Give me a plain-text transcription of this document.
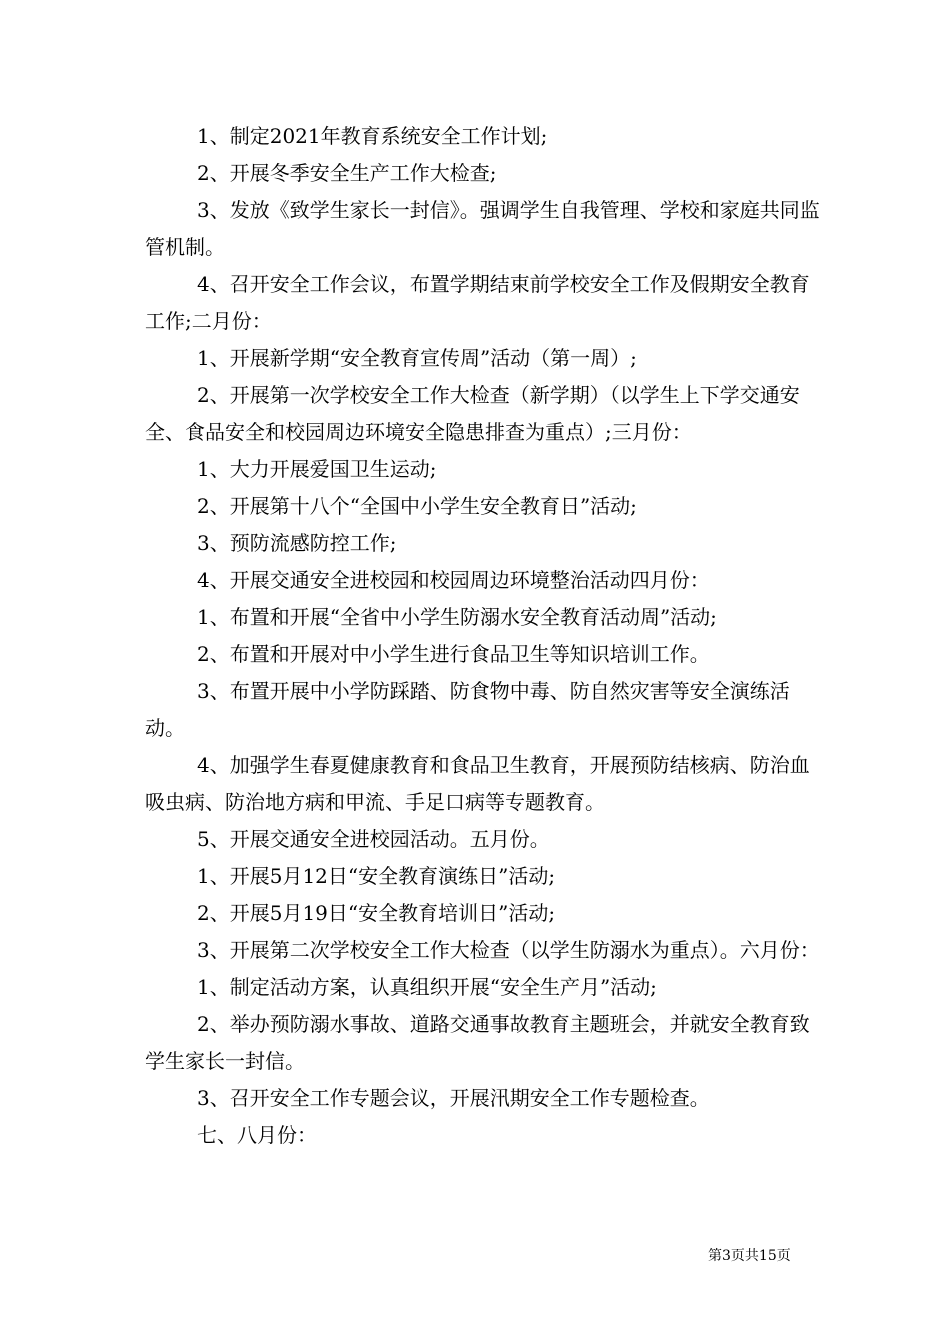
1、制定2021年教育系统安全工作计划;

2、开展冬季安全生产工作大检查;

3、发放《致学生家长一封信》。强调学生自我管理、学校和家庭共同监管机制。

4、召开安全工作会议，布置学期结束前学校安全工作及假期安全教育工作;二月份：

1、开展新学期“安全教育宣传周”活动（第一周）;

2、开展第一次学校安全工作大检查（新学期）（以学生上下学交通安全、食品安全和校园周边环境安全隐患排查为重点）;三月份：

1、大力开展爱国卫生运动;

2、开展第十八个“全国中小学生安全教育日”活动;

3、预防流感防控工作;

4、开展交通安全进校园和校园周边环境整治活动四月份：

1、布置和开展“全省中小学生防溺水安全教育活动周”活动;

2、布置和开展对中小学生进行食品卫生等知识培训工作。

3、布置开展中小学防踩踏、防食物中毒、防自然灾害等安全演练活动。

4、加强学生春夏健康教育和食品卫生教育，开展预防结核病、防治血吸虫病、防治地方病和甲流、手足口病等专题教育。

5、开展交通安全进校园活动。五月份。

1、开展5月12日“安全教育演练日”活动;

2、开展5月19日“安全教育培训日”活动;

3、开展第二次学校安全工作大检查（以学生防溺水为重点）。六月份：

1、制定活动方案，认真组织开展“安全生产月”活动;

2、举办预防溺水事故、道路交通事故教育主题班会，并就安全教育致学生家长一封信。

3、召开安全工作专题会议，开展汛期安全工作专题检查。

七、八月份：

第3页共15页
